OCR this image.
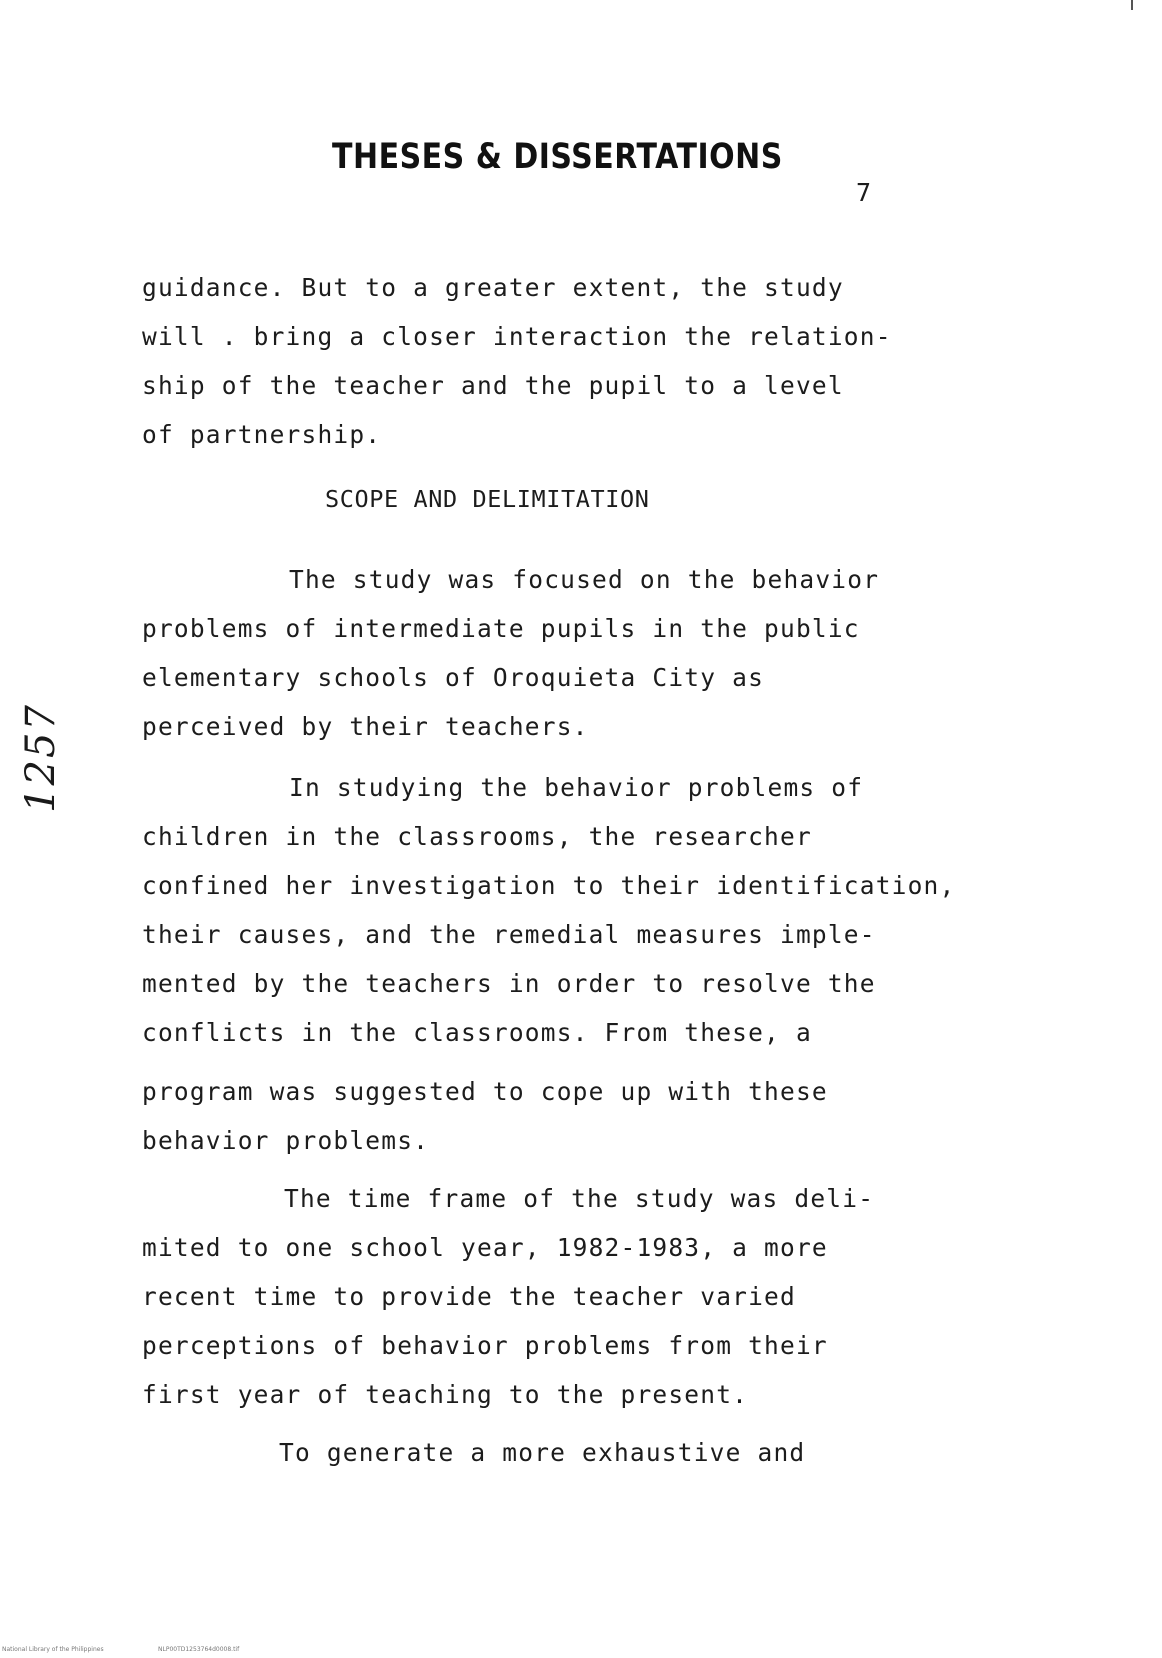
THESES & DISSERTATIONS
7
guidance. But to a greater extent, the study
will . bring a closer interaction the relation-
ship of the teacher and the pupil to a level
of partnership.
SCOPE AND DELIMITATION
The study was focused on the behavior
problems of intermediate pupils in the public
elementary schools of Oroquieta City as
perceived by their teachers.
In studying the behavior problems of
children in the classrooms, the researcher
confined her investigation to their identification,
their causes, and the remedial measures imple-
mented by the teachers in order to resolve the
conflicts in the classrooms. From these, a
program was suggested to cope up with these
behavior problems.
The time frame of the study was deli-
mited to one school year, 1982-1983, a more
recent time to provide the teacher varied
perceptions of behavior problems from their
first year of teaching to the present.
To generate a more exhaustive and
1257
National Library of the Philippines	NLP00TD1253764d0008.tif
